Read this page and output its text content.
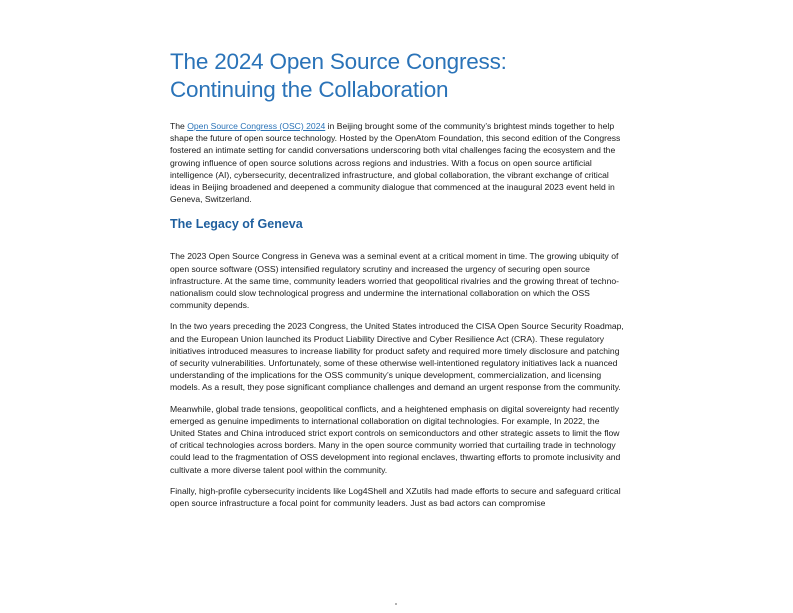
The 2024 Open Source Congress:
Continuing the Collaboration

The Open Source Congress (OSC) 2024 in Beijing brought some of the community’s brightest minds together to help shape the future of open source technology. Hosted by the OpenAtom Foundation, this second edition of the Congress fostered an intimate setting for candid conversations underscoring both vital challenges facing the ecosystem and the growing influence of open source solutions across regions and industries. With a focus on open source artificial intelligence (AI), cybersecurity, decentralized infrastructure, and global collaboration, the vibrant exchange of critical ideas in Beijing broadened and deepened a community dialogue that commenced at the inaugural 2023 event held in Geneva, Switzerland.

The Legacy of Geneva

The 2023 Open Source Congress in Geneva was a seminal event at a critical moment in time. The growing ubiquity of open source software (OSS) intensified regulatory scrutiny and increased the urgency of securing open source infrastructure. At the same time, community leaders worried that geopolitical rivalries and the growing threat of techno-nationalism could slow technological progress and undermine the international collaboration on which the OSS community depends.

In the two years preceding the 2023 Congress, the United States introduced the CISA Open Source Security Roadmap, and the European Union launched its Product Liability Directive and Cyber Resilience Act (CRA). These regulatory initiatives introduced measures to increase liability for product safety and required more timely disclosure and patching of security vulnerabilities. Unfortunately, some of these otherwise well-intentioned regulatory initiatives lack a nuanced understanding of the implications for the OSS community’s unique development, commercialization, and licensing models. As a result, they pose significant compliance challenges and demand an urgent response from the community.

Meanwhile, global trade tensions, geopolitical conflicts, and a heightened emphasis on digital sovereignty had recently emerged as genuine impediments to international collaboration on digital technologies. For example, In 2022, the United States and China introduced strict export controls on semiconductors and other strategic assets to limit the flow of critical technologies across borders. Many in the open source community worried that curtailing trade in technology could lead to the fragmentation of OSS development into regional enclaves, thwarting efforts to promote inclusivity and cultivate a more diverse talent pool within the community.

Finally, high-profile cybersecurity incidents like Log4Shell and XZutils had made efforts to secure and safeguard critical open source infrastructure a focal point for community leaders. Just as bad actors can compromise
